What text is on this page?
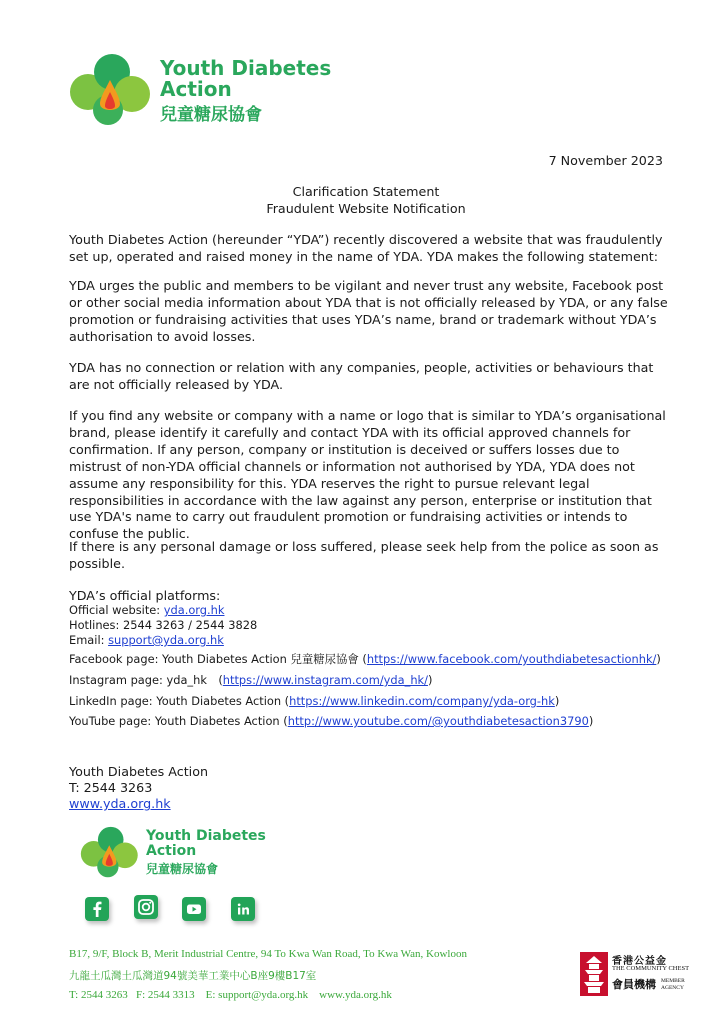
Youth Diabetes
Action
兒童糖尿協會
7 November 2023
Clarification Statement
Fraudulent Website Notification
Youth Diabetes Action (hereunder “YDA”) recently discovered a website that was fraudulently set up, operated and raised money in the name of YDA. YDA makes the following statement:
YDA urges the public and members to be vigilant and never trust any website, Facebook post or other social media information about YDA that is not officially released by YDA, or any false promotion or fundraising activities that uses YDA’s name, brand or trademark without YDA’s authorisation to avoid losses.
YDA has no connection or relation with any companies, people, activities or behaviours that are not officially released by YDA.
If you find any website or company with a name or logo that is similar to YDA’s organisational brand, please identify it carefully and contact YDA with its official approved channels for confirmation. If any person, company or institution is deceived or suffers losses due to mistrust of non-YDA official channels or information not authorised by YDA, YDA does not assume any responsibility for this. YDA reserves the right to pursue relevant legal responsibilities in accordance with the law against any person, enterprise or institution that use YDA's name to carry out fraudulent promotion or fundraising activities or intends to confuse the public.
If there is any personal damage or loss suffered, please seek help from the police as soon as possible.
YDA’s official platforms:
Official website: yda.org.hk
Hotlines: 2544 3263 / 2544 3828
Email: support@yda.org.hk
Facebook page: Youth Diabetes Action 兒童糖尿協會 (https://www.facebook.com/youthdiabetesactionhk/)
Instagram page: yda_hk　(https://www.instagram.com/yda_hk/)
LinkedIn page: Youth Diabetes Action (https://www.linkedin.com/company/yda-org-hk)
YouTube page: Youth Diabetes Action (http://www.youtube.com/@youthdiabetesaction3790)
Youth Diabetes Action
T: 2544 3263
www.yda.org.hk
Youth Diabetes
Action
兒童糖尿協會
B17, 9/F, Block B, Merit Industrial Centre, 94 To Kwa Wan Road, To Kwa Wan, Kowloon
九龍土瓜灣土瓜灣道94號美華工業中心B座9樓B17室
T: 2544 3263   F: 2544 3313    E: support@yda.org.hk    www.yda.org.hk
香港公益金
THE COMMUNITY CHEST
會員機構 MEMBER
AGENCY
